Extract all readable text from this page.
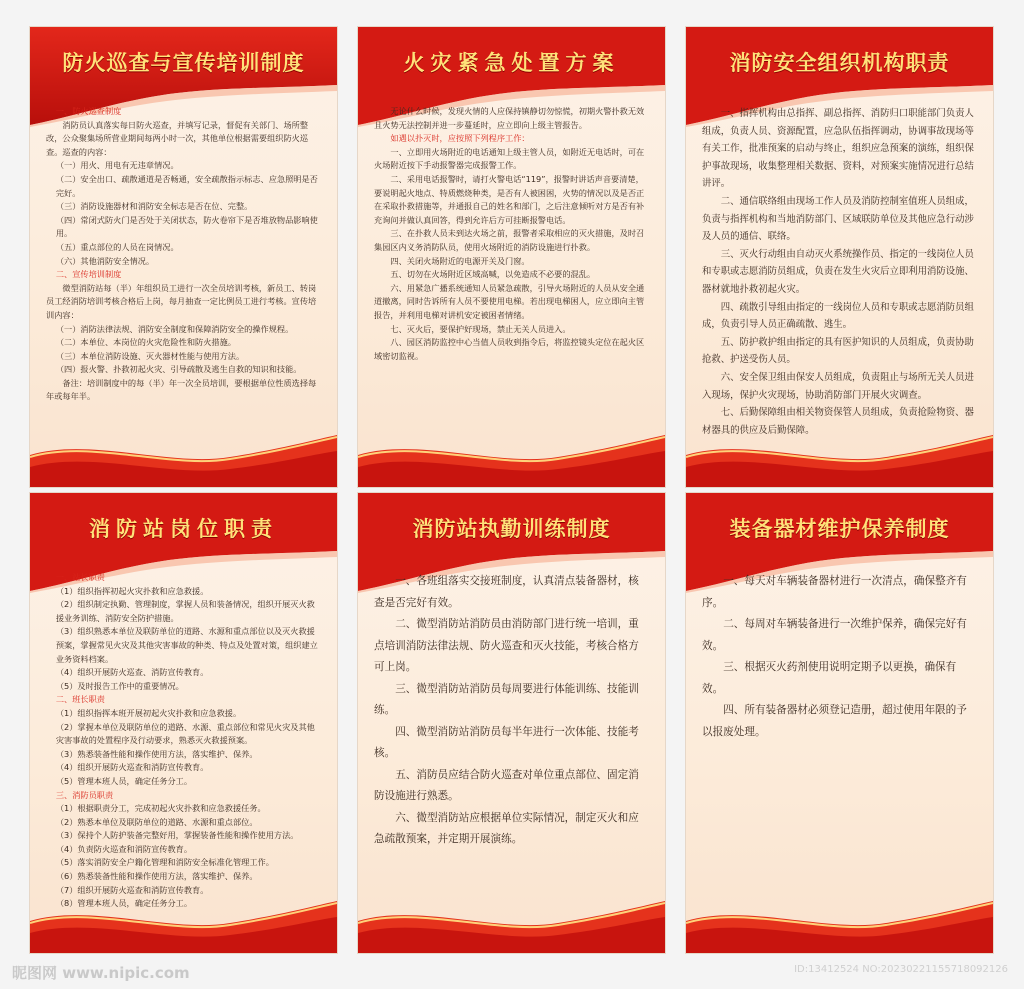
防火巡查与宣传培训制度

一、防火巡查制度

消防员认真落实每日防火巡查，并填写记录，督促有关部门、场所整改，公众聚集场所营业期间每两小时一次，其他单位根据需要组织防火巡查。巡查的内容：

（一）用火、用电有无违章情况。

（二）安全出口、疏散通道是否畅通，安全疏散指示标志、应急照明是否完好。

（三）消防设施器材和消防安全标志是否在位、完整。

（四）常闭式防火门是否处于关闭状态，防火卷帘下是否堆放物品影响使用。

（五）重点部位的人员在岗情况。

（六）其他消防安全情况。

二、宣传培训制度

微型消防站每（半）年组织员工进行一次全员培训考核，新员工、转岗员工经消防培训考核合格后上岗，每月抽查一定比例员工进行考核。宣传培训内容：

（一）消防法律法规、消防安全制度和保障消防安全的操作规程。

（二）本单位、本岗位的火灾危险性和防火措施。

（三）本单位消防设施、灭火器材性能与使用方法。

（四）报火警、扑救初起火灾、引导疏散及逃生自救的知识和技能。

备注：培训制度中的每（半）年一次全员培训，要根据单位性质选择每年或每年半。

火灾紧急处置方案

无论什么时候，发现火情的人应保持镇静切勿惊慌，初期火警扑救无效且火势无法控制并进一步蔓延时，应立即向上级主管报告。

如遇以扑灭时，应按照下列程序工作：

一、立即用火场附近的电话通知上级主管人员，如附近无电话时，可在火场附近按下手动报警器完成报警工作。

二、采用电话报警时，请打火警电话“119”，报警时讲话声音要清楚，要说明起火地点、特质燃烧种类，是否有人被困困，火势的情况以及是否正在采取扑救措施等，并通报自己的姓名和部门，之后注意倾听对方是否有补充询问并做认真回答，得到允许后方可挂断报警电话。

三、在扑救人员未到达火场之前，报警者采取相应的灭火措施，及时召集园区内义务消防队员，使用火场附近的消防设施进行扑救。

四、关闭火场附近的电源开关及门窗。

五、切勿在火场附近区域高喊，以免造成不必要的混乱。

六、用紧急广播系统通知人员紧急疏散，引导火场附近的人员从安全通道撤离，同时告诉所有人员不要使用电梯。若出现电梯困人，应立即向主管报告，并利用电梯对讲机安定被困者情绪。

七、灭火后，要保护好现场，禁止无关人员进入。

八、园区消防监控中心当值人员收到指令后，将监控镜头定位在起火区域密切监视。

消防安全组织机构职责

一、指挥机构由总指挥、副总指挥、消防归口职能部门负责人组成，负责人员、资源配置，应急队伍指挥调动，协调事故现场等有关工作，批准预案的启动与终止，组织应急预案的演练，组织保护事故现场，收集整理相关数据、资料，对预案实施情况进行总结讲评。

二、通信联络组由现场工作人员及消防控制室值班人员组成，负责与指挥机构和当地消防部门、区域联防单位及其他应急行动涉及人员的通信、联络。

三、灭火行动组由自动灭火系统操作员、指定的一线岗位人员和专职或志愿消防员组成，负责在发生火灾后立即利用消防设施、器材就地扑救初起火灾。

四、疏散引导组由指定的一线岗位人员和专职或志愿消防员组成，负责引导人员正确疏散、逃生。

五、防护救护组由指定的具有医护知识的人员组成，负责协助抢救、护送受伤人员。

六、安全保卫组由保安人员组成，负责阻止与场所无关人员进入现场，保护火灾现场，协助消防部门开展火灾调查。

七、后勤保障组由相关物资保管人员组成，负责抢险物资、器材器具的供应及后勤保障。

消防站岗位职责

一、站长职责

（1）组织指挥初起火灾扑救和应急救援。

（2）组织制定执勤、管理制度，掌握人员和装备情况，组织开展灭火救援业务训练、消防安全防护措施。

（3）组织熟悉本单位及联防单位的道路、水源和重点部位以及灭火救援预案，掌握常见火灾及其他灾害事故的种类、特点及处置对策，组织建立业务资料档案。

（4）组织开展防火巡查、消防宣传教育。

（5）及时报告工作中的重要情况。

二、班长职责

（1）组织指挥本班开展初起火灾扑救和应急救援。

（2）掌握本单位及联防单位的道路、水源、重点部位和常见火灾及其他灾害事故的处置程序及行动要求，熟悉灭火救援预案。

（3）熟悉装备性能和操作使用方法，落实维护、保养。

（4）组织开展防火巡查和消防宣传教育。

（5）管理本班人员，确定任务分工。

三、消防员职责

（1）根据职责分工，完成初起火灾扑救和应急救援任务。

（2）熟悉本单位及联防单位的道路、水源和重点部位。

（3）保持个人防护装备完整好用，掌握装备性能和操作使用方法。

（4）负责防火巡查和消防宣传教育。

（5）落实消防安全户籍化管理和消防安全标准化管理工作。

（6）熟悉装备性能和操作使用方法，落实维护、保养。

（7）组织开展防火巡查和消防宣传教育。

（8）管理本班人员，确定任务分工。

消防站执勤训练制度

一、各班组落实交接班制度，认真清点装备器材，核查是否完好有效。

二、微型消防站消防员由消防部门进行统一培训，重点培训消防法律法规、防火巡查和灭火技能，考核合格方可上岗。

三、微型消防站消防员每周要进行体能训练、技能训练。

四、微型消防站消防员每半年进行一次体能、技能考核。

五、消防员应结合防火巡查对单位重点部位、固定消防设施进行熟悉。

六、微型消防站应根据单位实际情况，制定灭火和应急疏散预案，并定期开展演练。

装备器材维护保养制度

一、每天对车辆装备器材进行一次清点，确保整齐有序。

二、每周对车辆装备进行一次维护保养，确保完好有效。

三、根据灭火药剂使用说明定期予以更换，确保有效。

四、所有装备器材必须登记造册，超过使用年限的予以报废处理。

昵图网 www.nipic.com	ID:13412524 NO:20230221155718092126
